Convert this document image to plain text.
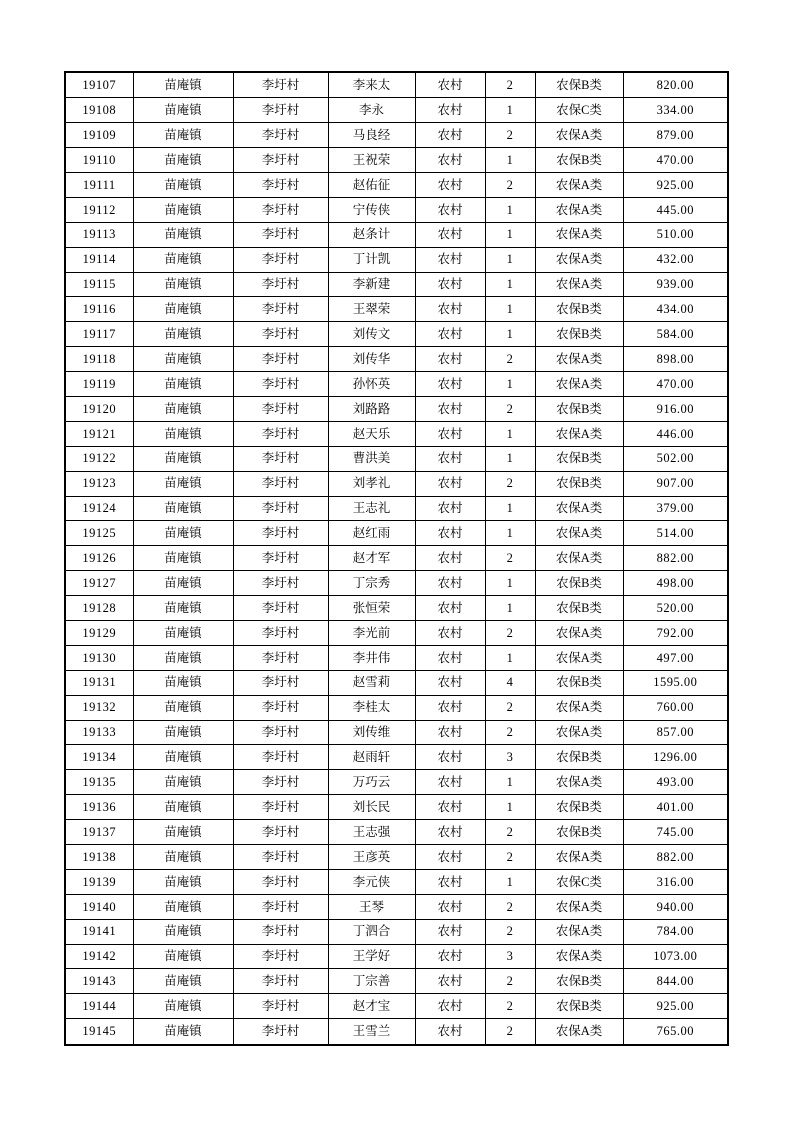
19107	苗庵镇	李圩村	李来太	农村	2	农保B类	820.00
19108	苗庵镇	李圩村	李永	农村	1	农保C类	334.00
19109	苗庵镇	李圩村	马良经	农村	2	农保A类	879.00
19110	苗庵镇	李圩村	王祝荣	农村	1	农保B类	470.00
19111	苗庵镇	李圩村	赵佑征	农村	2	农保A类	925.00
19112	苗庵镇	李圩村	宁传侠	农村	1	农保A类	445.00
19113	苗庵镇	李圩村	赵条计	农村	1	农保A类	510.00
19114	苗庵镇	李圩村	丁计凯	农村	1	农保A类	432.00
19115	苗庵镇	李圩村	李新建	农村	1	农保A类	939.00
19116	苗庵镇	李圩村	王翠荣	农村	1	农保B类	434.00
19117	苗庵镇	李圩村	刘传文	农村	1	农保B类	584.00
19118	苗庵镇	李圩村	刘传华	农村	2	农保A类	898.00
19119	苗庵镇	李圩村	孙怀英	农村	1	农保A类	470.00
19120	苗庵镇	李圩村	刘路路	农村	2	农保B类	916.00
19121	苗庵镇	李圩村	赵天乐	农村	1	农保A类	446.00
19122	苗庵镇	李圩村	曹洪美	农村	1	农保B类	502.00
19123	苗庵镇	李圩村	刘孝礼	农村	2	农保B类	907.00
19124	苗庵镇	李圩村	王志礼	农村	1	农保A类	379.00
19125	苗庵镇	李圩村	赵红雨	农村	1	农保A类	514.00
19126	苗庵镇	李圩村	赵才军	农村	2	农保A类	882.00
19127	苗庵镇	李圩村	丁宗秀	农村	1	农保B类	498.00
19128	苗庵镇	李圩村	张恒荣	农村	1	农保B类	520.00
19129	苗庵镇	李圩村	李光前	农村	2	农保A类	792.00
19130	苗庵镇	李圩村	李井伟	农村	1	农保A类	497.00
19131	苗庵镇	李圩村	赵雪莉	农村	4	农保B类	1595.00
19132	苗庵镇	李圩村	李桂太	农村	2	农保A类	760.00
19133	苗庵镇	李圩村	刘传维	农村	2	农保A类	857.00
19134	苗庵镇	李圩村	赵雨轩	农村	3	农保B类	1296.00
19135	苗庵镇	李圩村	万巧云	农村	1	农保A类	493.00
19136	苗庵镇	李圩村	刘长民	农村	1	农保B类	401.00
19137	苗庵镇	李圩村	王志强	农村	2	农保B类	745.00
19138	苗庵镇	李圩村	王彦英	农村	2	农保A类	882.00
19139	苗庵镇	李圩村	李元侠	农村	1	农保C类	316.00
19140	苗庵镇	李圩村	王琴	农村	2	农保A类	940.00
19141	苗庵镇	李圩村	丁泗合	农村	2	农保A类	784.00
19142	苗庵镇	李圩村	王学好	农村	3	农保A类	1073.00
19143	苗庵镇	李圩村	丁宗善	农村	2	农保B类	844.00
19144	苗庵镇	李圩村	赵才宝	农村	2	农保B类	925.00
19145	苗庵镇	李圩村	王雪兰	农村	2	农保A类	765.00
